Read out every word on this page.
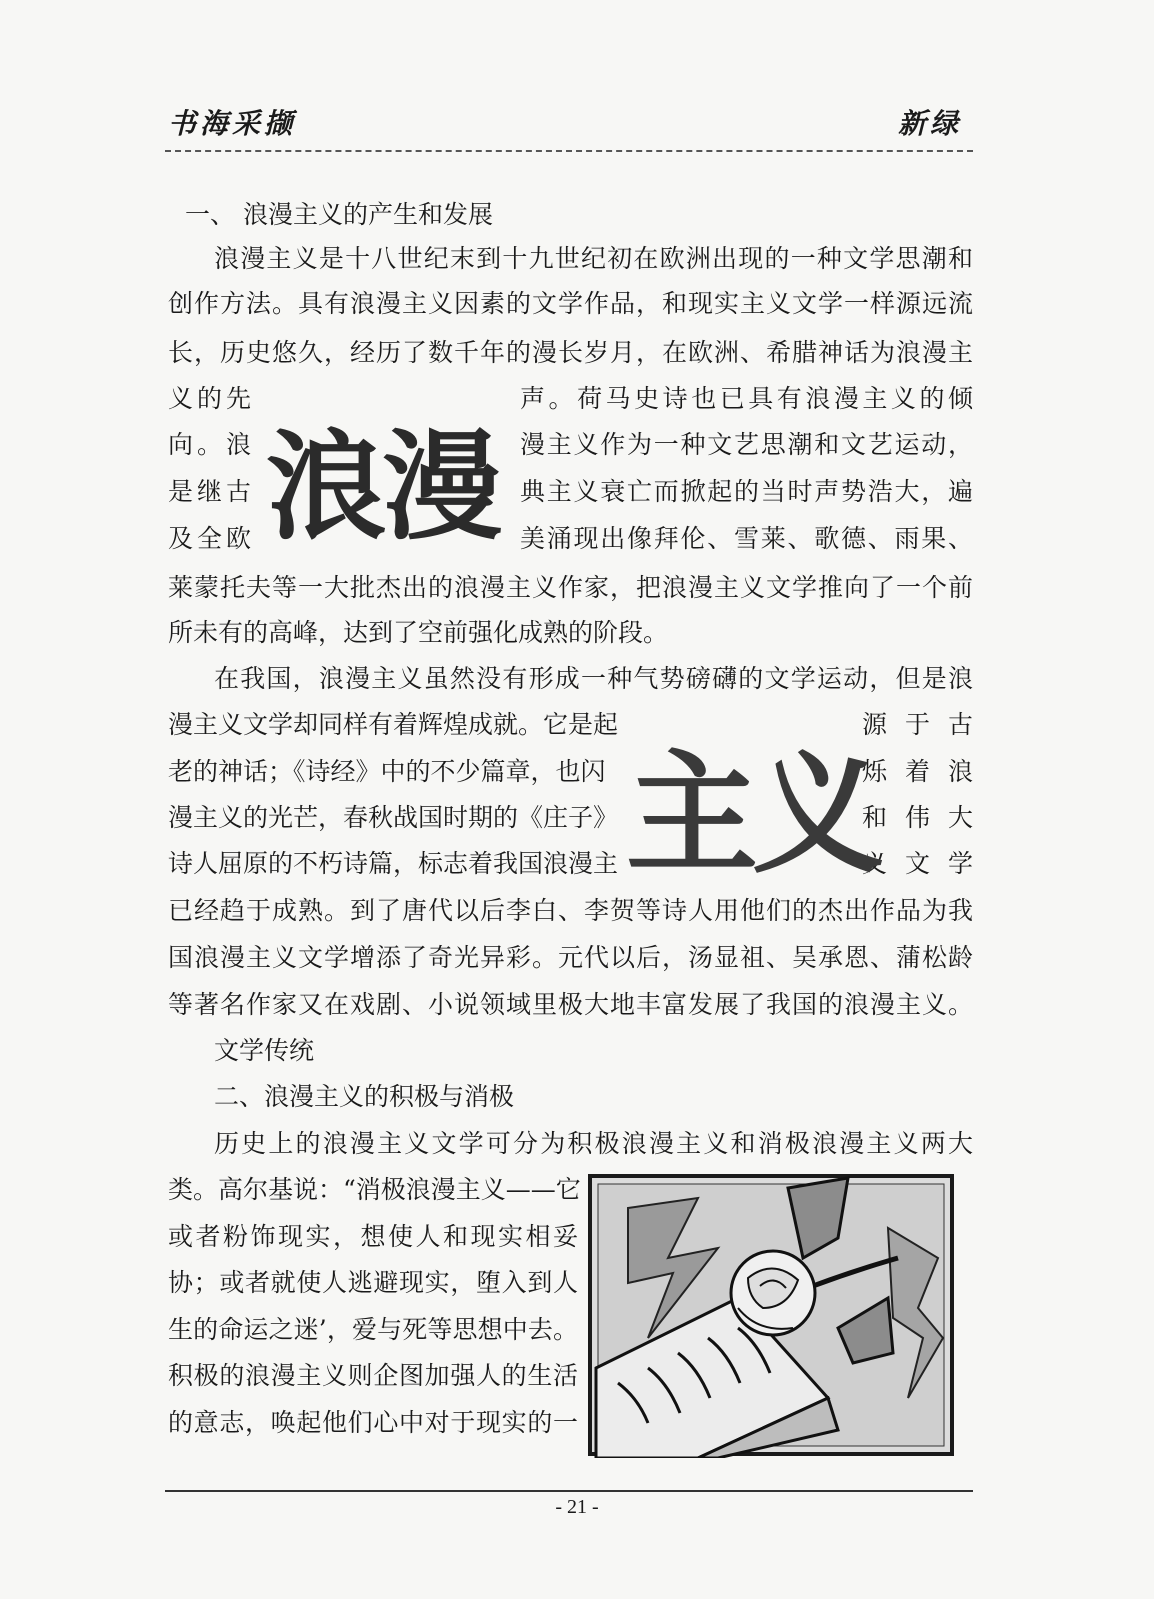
书海采撷	新绿
一、 浪漫主义的产生和发展
浪漫主义是十八世纪末到十九世纪初在欧洲出现的一种文学思潮和
创作方法。具有浪漫主义因素的文学作品，和现实主义文学一样源远流
长，历史悠久，经历了数千年的漫长岁月，在欧洲、希腊神话为浪漫主
义的先	声。荷马史诗也已具有浪漫主义的倾
向。浪	漫主义作为一种文艺思潮和文艺运动，
是继古	典主义衰亡而掀起的当时声势浩大，遍
及全欧	美涌现出像拜伦、雪莱、歌德、雨果、
莱蒙托夫等一大批杰出的浪漫主义作家，把浪漫主义文学推向了一个前
所未有的高峰，达到了空前强化成熟的阶段。
浪漫
在我国，浪漫主义虽然没有形成一种气势磅礴的文学运动，但是浪
漫主义文学却同样有着辉煌成就。它是起	源于古
老的神话；《诗经》中的不少篇章，也闪	烁着浪
漫主义的光芒，春秋战国时期的《庄子》	和伟大
诗人屈原的不朽诗篇，标志着我国浪漫主	义文学
已经趋于成熟。到了唐代以后李白、李贺等诗人用他们的杰出作品为我
国浪漫主义文学增添了奇光异彩。元代以后，汤显祖、吴承恩、蒲松龄
等著名作家又在戏剧、小说领域里极大地丰富发展了我国的浪漫主义。
文学传统
主义
二、浪漫主义的积极与消极
历史上的浪漫主义文学可分为积极浪漫主义和消极浪漫主义两大
类。高尔基说：“消极浪漫主义——它
或者粉饰现实，想使人和现实相妥
协；或者就使人逃避现实，堕入到人
生的命运之迷’，爱与死等思想中去。
积极的浪漫主义则企图加强人的生活
的意志，唤起他们心中对于现实的一
- 21 -
